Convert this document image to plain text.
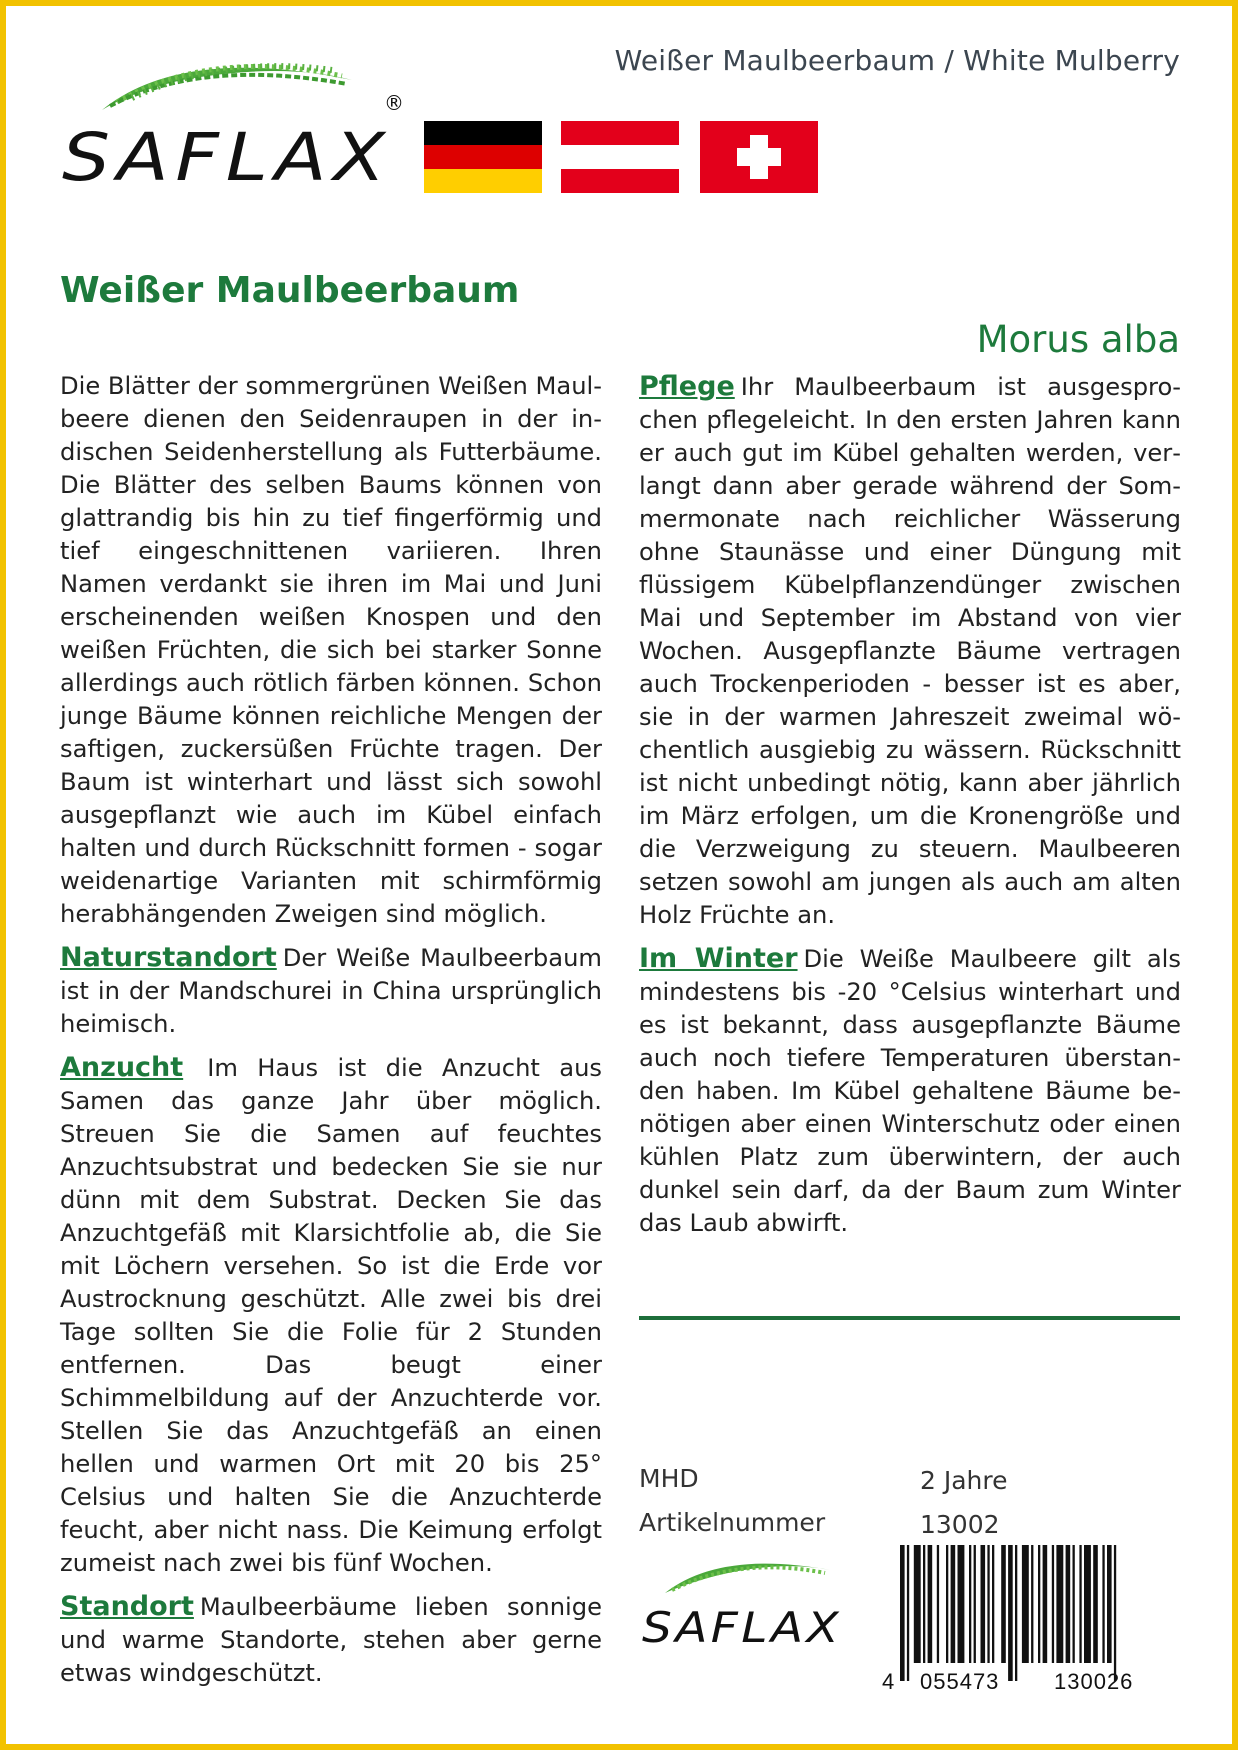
Weißer Maulbeerbaum / White Mulberry
SAFLAX
®
Weißer Maulbeerbaum
Morus alba

Die Blätter der sommergrünen Weißen Maulbeere dienen den Seidenraupen in der indischen Seidenherstellung als Futterbäume. Die Blätter des selben Baums können von glattrandig bis hin zu tief fingerförmig und tief eingeschnittenen variieren. Ihren Namen verdankt sie ihren im Mai und Juni erscheinenden weißen Knospen und den weißen Früchten, die sich bei starker Sonne allerdings auch rötlich färben können. Schon junge Bäume können reichliche Mengen der saftigen, zuckersüßen Früchte tragen. Der Baum ist winterhart und lässt sich sowohl ausgepflanzt wie auch im Kübel einfach halten und durch Rückschnitt formen - sogar weidenartige Varianten mit schirmförmig herabhängenden Zweigen sind möglich.

Naturstandort Der Weiße Maulbeerbaum ist in der Mandschurei in China ursprünglich heimisch.

Anzucht Im Haus ist die Anzucht aus Samen das ganze Jahr über möglich. Streuen Sie die Samen auf feuchtes Anzuchtsubstrat und bedecken Sie sie nur dünn mit dem Substrat. Decken Sie das Anzuchtgefäß mit Klarsichtfolie ab, die Sie mit Löchern versehen. So ist die Erde vor Austrocknung geschützt. Alle zwei bis drei Tage sollten Sie die Folie für 2 Stunden entfernen. Das beugt einer Schimmelbildung auf der Anzuchterde vor. Stellen Sie das Anzuchtgefäß an einen hellen und warmen Ort mit 20 bis 25° Celsius und halten Sie die Anzuchterde feucht, aber nicht nass. Die Keimung erfolgt zumeist nach zwei bis fünf Wochen.

Standort Maulbeerbäume lieben sonnige und warme Standorte, stehen aber gerne etwas windgeschützt.

Pflege Ihr Maulbeerbaum ist ausgesprochen pflegeleicht. In den ersten Jahren kann er auch gut im Kübel gehalten werden, verlangt dann aber gerade während der Sommermonate nach reichlicher Wässerung ohne Staunässe und einer Düngung mit flüssigem Kübelpflanzendünger zwischen Mai und September im Abstand von vier Wochen. Ausgepflanzte Bäume vertragen auch Trockenperioden - besser ist es aber, sie in der warmen Jahreszeit zweimal wöchentlich ausgiebig zu wässern. Rückschnitt ist nicht unbedingt nötig, kann aber jährlich im März erfolgen, um die Kronengröße und die Verzweigung zu steuern. Maulbeeren setzen sowohl am jungen als auch am alten Holz Früchte an.

Im Winter Die Weiße Maulbeere gilt als mindestens bis -20 °Celsius winterhart und es ist bekannt, dass ausgepflanzte Bäume auch noch tiefere Temperaturen überstanden haben. Im Kübel gehaltene Bäume benötigen aber einen Winterschutz oder einen kühlen Platz zum überwintern, der auch dunkel sein darf, da der Baum zum Winter das Laub abwirft.

MHD	2 Jahre
Artikelnummer	13002
SAFLAX
4 055473 130026
